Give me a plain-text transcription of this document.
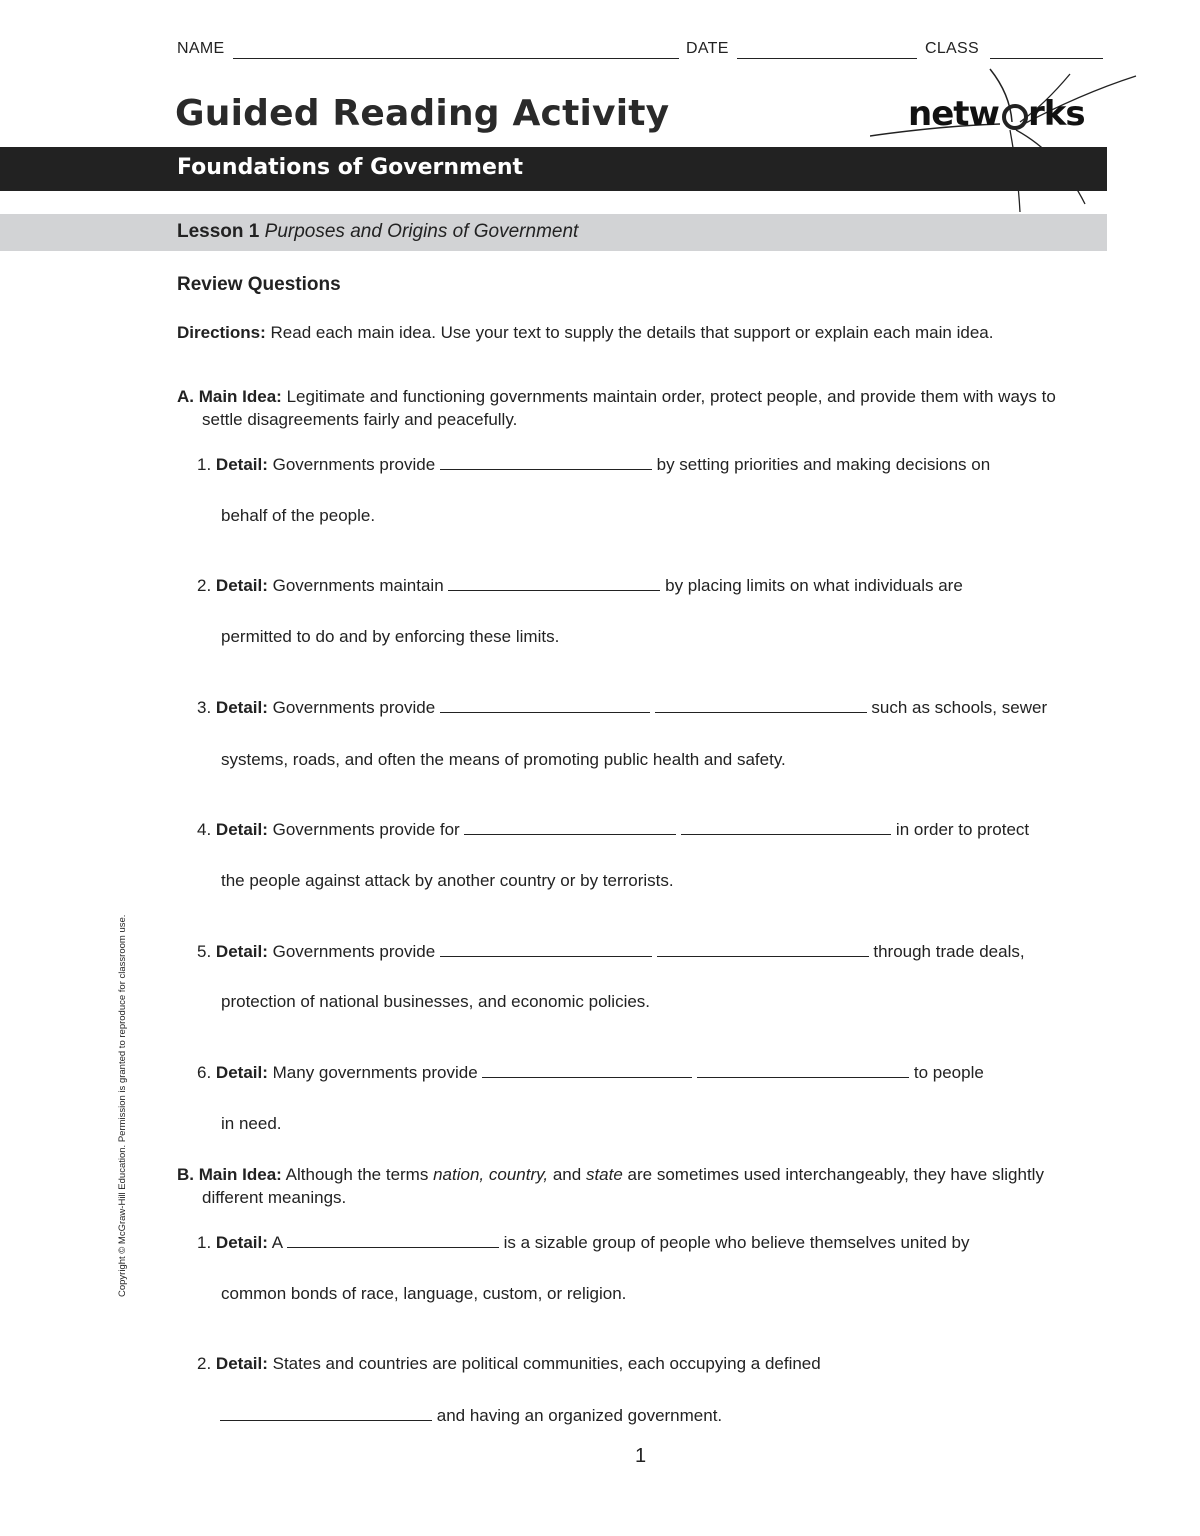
NAME	DATE	CLASS
Guided Reading Activity	netw rks
Foundations of Government
Lesson 1 Purposes and Origins of Government
Review Questions
Directions: Read each main idea. Use your text to supply the details that support or explain each main idea.
A. Main Idea: Legitimate and functioning governments maintain order, protect people, and provide them with ways to settle disagreements fairly and peacefully.
1. Detail: Governments provide	by setting priorities and making decisions on
behalf of the people.
2. Detail: Governments maintain	by placing limits on what individuals are
permitted to do and by enforcing these limits.
3. Detail: Governments provide	such as schools, sewer
systems, roads, and often the means of promoting public health and safety.
4. Detail: Governments provide for	in order to protect
the people against attack by another country or by terrorists.
5. Detail: Governments provide	through trade deals,
protection of national businesses, and economic policies.
6. Detail: Many governments provide	to people
in need.
B. Main Idea: Although the terms nation, country, and state are sometimes used interchangeably, they have slightly different meanings.
1. Detail: A	is a sizable group of people who believe themselves united by
common bonds of race, language, custom, or religion.
2. Detail: States and countries are political communities, each occupying a defined
and having an organized government.
Copyright © McGraw-Hill Education. Permission is granted to reproduce for classroom use.
1
